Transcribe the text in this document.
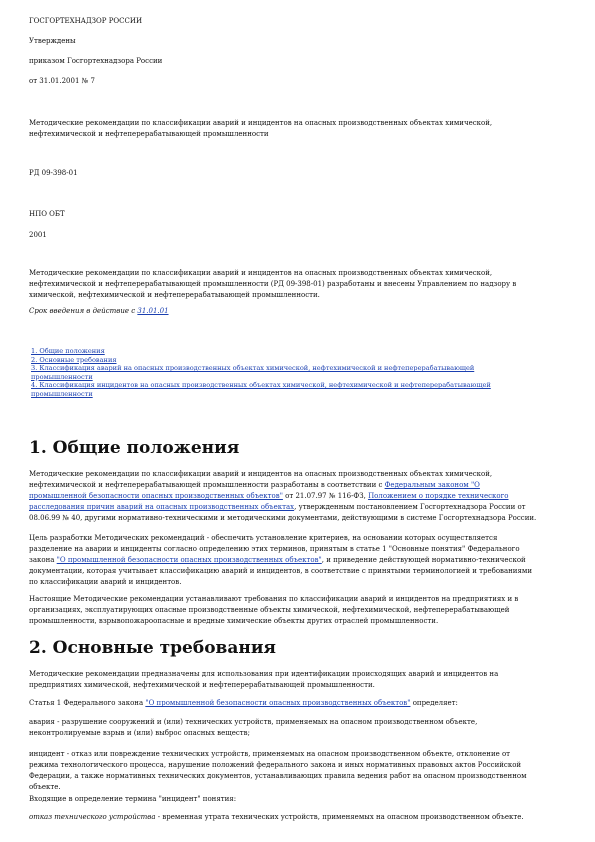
ГОСГОРТЕХНАДЗОР РОССИИ

Утверждены

приказом Госгортехнадзора России

от 31.01.2001 № 7

Методические рекомендации по классификации аварий и инцидентов на опасных производственных объектах химической, нефтехимической и нефтеперерабатывающей промышленности

РД 09-398-01

НПО ОБТ

2001

Методические рекомендации по классификации аварий и инцидентов на опасных производственных объектах химической, нефтехимической и нефтеперерабатывающей промышленности (РД 09-398-01) разработаны и внесены Управлением по надзору в химической, нефтехимической и нефтеперерабатывающей промышленности.

Срок введения в действие с 31.01.01

1. Общие положения
2. Основные требования
3. Классификация аварий на опасных производственных объектах химической, нефтехимической и нефтеперерабатывающей промышленности
4. Классификация инцидентов на опасных производственных объектах химической, нефтехимической и нефтеперерабатывающей промышленности
1. Общие положения

Методические рекомендации по классификации аварий и инцидентов на опасных производственных объектах химической, нефтехимической и нефтеперерабатывающей промышленности разработаны в соответствии с Федеральным законом "О промышленной безопасности опасных производственных объектов" от 21.07.97 № 116-ФЗ, Положением о порядке технического расследования причин аварий на опасных производственных объектах, утвержденным постановлением Госгортехнадзора России от 08.06.99 № 40, другими нормативно-техническими и методическими документами, действующими в системе Госгортехнадзора России.

Цель разработки Методических рекомендаций - обеспечить установление критериев, на основании которых осуществляется разделение на аварии и инциденты согласно определению этих терминов, принятым в статье 1 "Основные понятия" Федерального закона "О промышленной безопасности опасных производственных объектов", и приведение действующей нормативно-технической документации, которая учитывает классификацию аварий и инцидентов, в соответствие с принятыми терминологией и требованиями по классификации аварий и инцидентов.

Настоящие Методические рекомендации устанавливают требования по классификации аварий и инцидентов на предприятиях и в организациях, эксплуатирующих опасные производственные объекты химической, нефтехимической, нефтеперерабатывающей промышленности, взрывопожароопасные и вредные химические объекты других отраслей промышленности.

2. Основные требования

Методические рекомендации предназначены для использования при идентификации происходящих аварий и инцидентов на предприятиях химической, нефтехимической и нефтеперерабатывающей промышленности.

Статья 1 Федерального закона "О промышленной безопасности опасных производственных объектов" определяет:

авария - разрушение сооружений и (или) технических устройств, применяемых на опасном производственном объекте, неконтролируемые взрыв и (или) выброс опасных веществ;

инцидент - отказ или повреждение технических устройств, применяемых на опасном производственном объекте, отклонение от режима технологического процесса, нарушение положений федерального закона и иных нормативных правовых актов Российской Федерации, а также нормативных технических документов, устанавливающих правила ведения работ на опасном производственном объекте.

Входящие в определение термина "инцидент" понятия:

отказ технического устройства - временная утрата технических устройств, применяемых на опасном производственном объекте.
